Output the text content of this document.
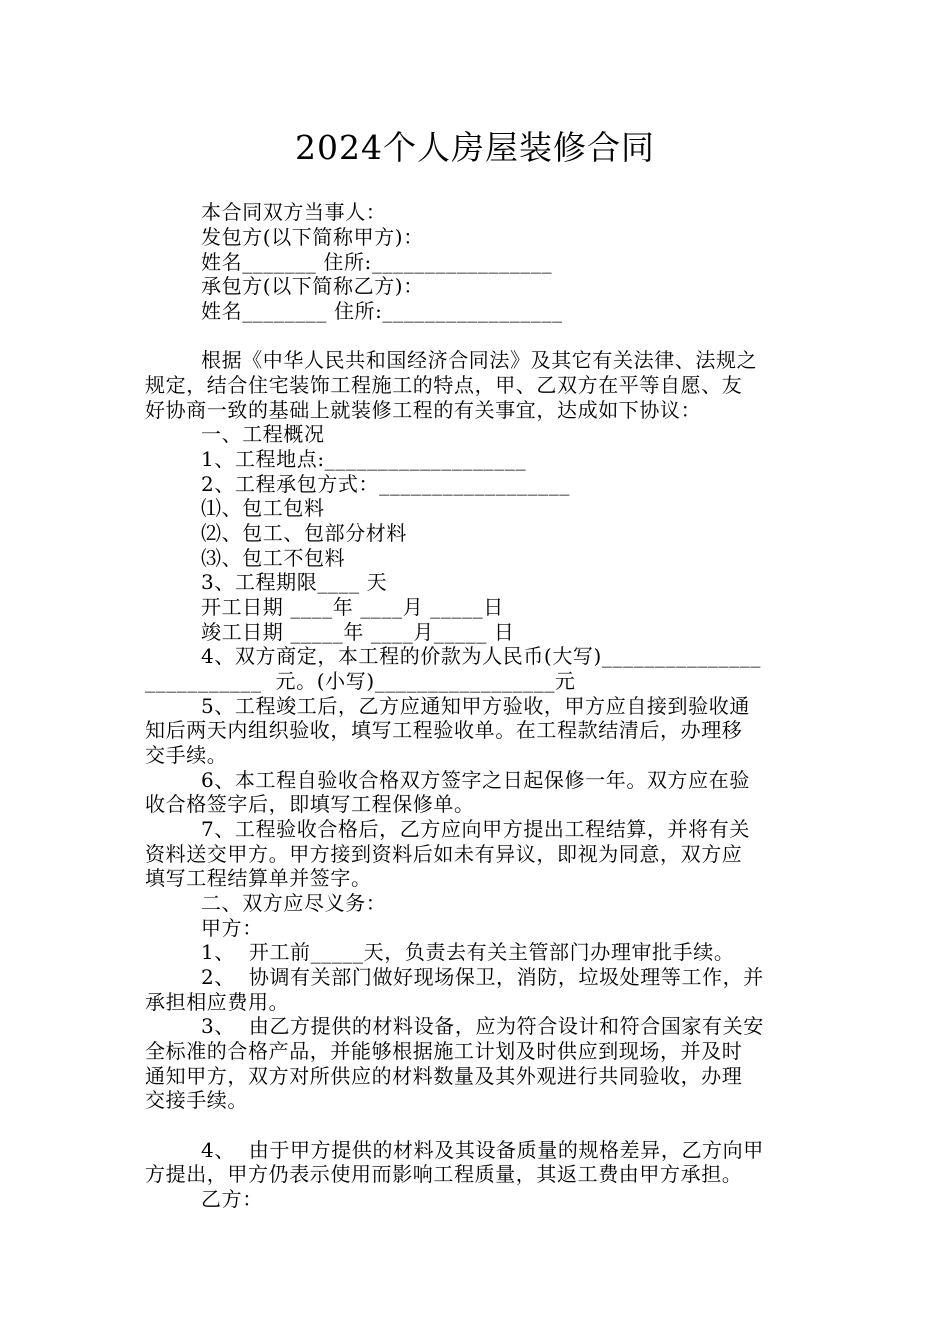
2024个人房屋装修合同
本合同双方当事人：
发包方(以下简称甲方)：
姓名_______ 住所:_________________
承包方(以下简称乙方)：
姓名________ 住所:_________________
根据《中华人民共和国经济合同法》及其它有关法律、法规之
规定，结合住宅装饰工程施工的特点，甲、乙双方在平等自愿、友
好协商一致的基础上就装修工程的有关事宜，达成如下协议：
一、工程概况
1、工程地点:___________________
2、工程承包方式：__________________
⑴、包工包料
⑵、包工、包部分材料
⑶、包工不包料
3、工程期限____ 天
开工日期 ____年 ____月 _____日
竣工日期 _____年 ____月_____ 日
4、双方商定，本工程的价款为人民币(大写)_______________
___________  元。(小写)_________________元
5、工程竣工后，乙方应通知甲方验收，甲方应自接到验收通
知后两天内组织验收，填写工程验收单。在工程款结清后，办理移
交手续。
6、本工程自验收合格双方签字之日起保修一年。双方应在验
收合格签字后，即填写工程保修单。
7、工程验收合格后，乙方应向甲方提出工程结算，并将有关
资料送交甲方。甲方接到资料后如未有异议，即视为同意，双方应
填写工程结算单并签字。
二、双方应尽义务：
甲方：
1、  开工前_____天，负责去有关主管部门办理审批手续。
2、  协调有关部门做好现场保卫，消防，垃圾处理等工作，并
承担相应费用。
3、  由乙方提供的材料设备，应为符合设计和符合国家有关安
全标准的合格产品，并能够根据施工计划及时供应到现场，并及时
通知甲方，双方对所供应的材料数量及其外观进行共同验收，办理
交接手续。
4、  由于甲方提供的材料及其设备质量的规格差异，乙方向甲
方提出，甲方仍表示使用而影响工程质量，其返工费由甲方承担。
乙方：
